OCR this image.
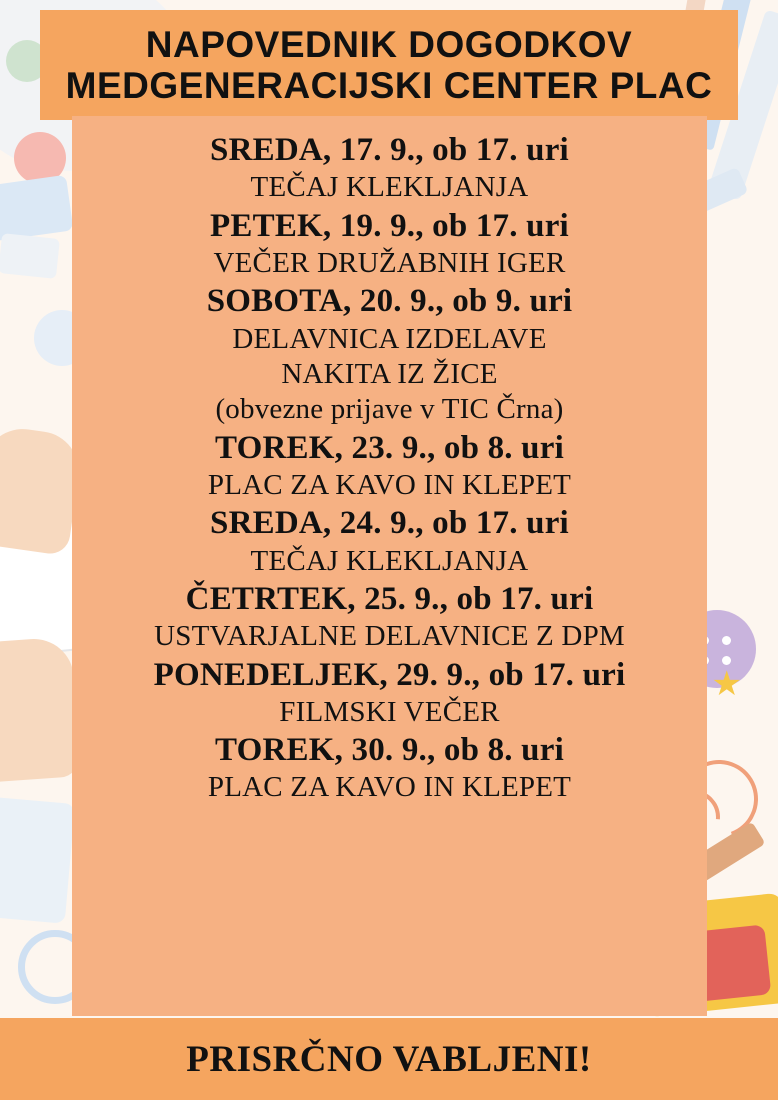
★
NAPOVEDNIK DOGODKOV
MEDGENERACIJSKI CENTER PLAC
SREDA, 17. 9., ob 17. uri
TEČAJ KLEKLJANJA
PETEK, 19. 9., ob 17. uri
VEČER DRUŽABNIH IGER
SOBOTA, 20. 9., ob 9. uri
DELAVNICA IZDELAVE
NAKITA IZ ŽICE
(obvezne prijave v TIC Črna)
TOREK, 23. 9., ob 8. uri
PLAC ZA KAVO IN KLEPET
SREDA, 24. 9., ob 17. uri
TEČAJ KLEKLJANJA
ČETRTEK, 25. 9., ob 17. uri
USTVARJALNE DELAVNICE Z DPM
PONEDELJEK, 29. 9., ob 17. uri
FILMSKI VEČER
TOREK, 30. 9., ob 8. uri
PLAC ZA KAVO IN KLEPET
PRISRČNO VABLJENI!
